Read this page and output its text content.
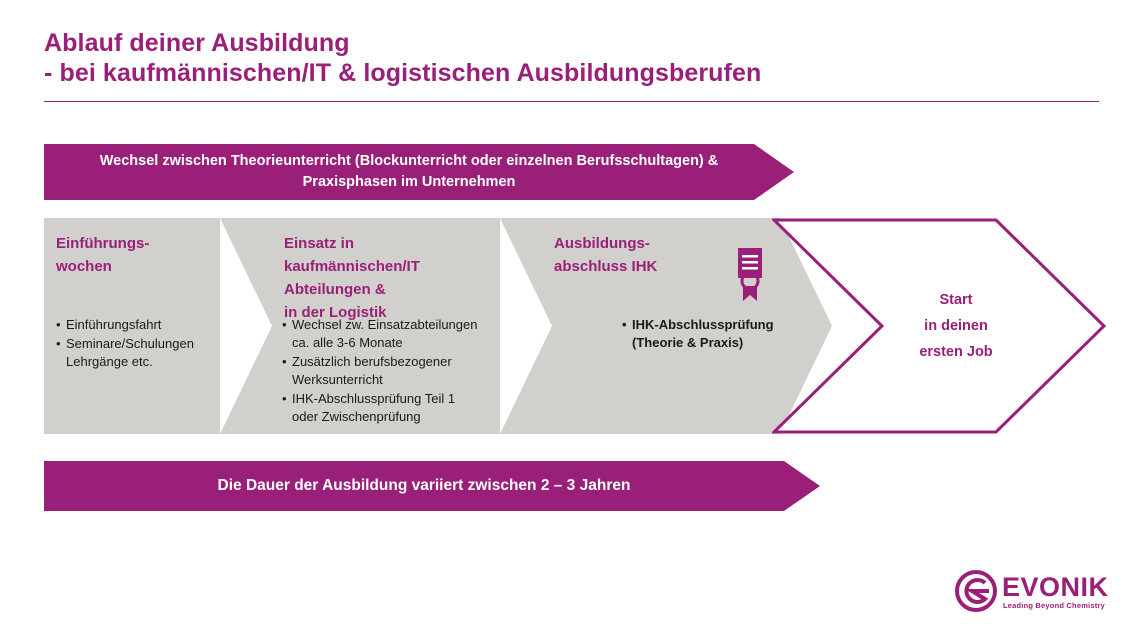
Ablauf deiner Ausbildung
- bei kaufmännischen/IT & logistischen Ausbildungsberufen
Wechsel zwischen Theorieunterricht (Blockunterricht oder einzelnen Berufsschultagen) &
Praxisphasen im Unternehmen
Einführungs-
wochen
• Einführungsfahrt
• Seminare/Schulungen
Lehrgänge etc.
Einsatz in
kaufmännischen/IT Abteilungen &
in der Logistik
• Wechsel zw. Einsatzabteilungen
ca. alle 3-6 Monate
• Zusätzlich berufsbezogener
Werksunterricht
• IHK-Abschlussprüfung Teil 1
oder Zwischenprüfung
Ausbildungs-
abschluss IHK
• IHK-Abschlussprüfung
(Theorie & Praxis)
Start
in deinen
ersten Job
Die Dauer der Ausbildung variiert zwischen 2 – 3 Jahren
EVONIK
Leading Beyond Chemistry
